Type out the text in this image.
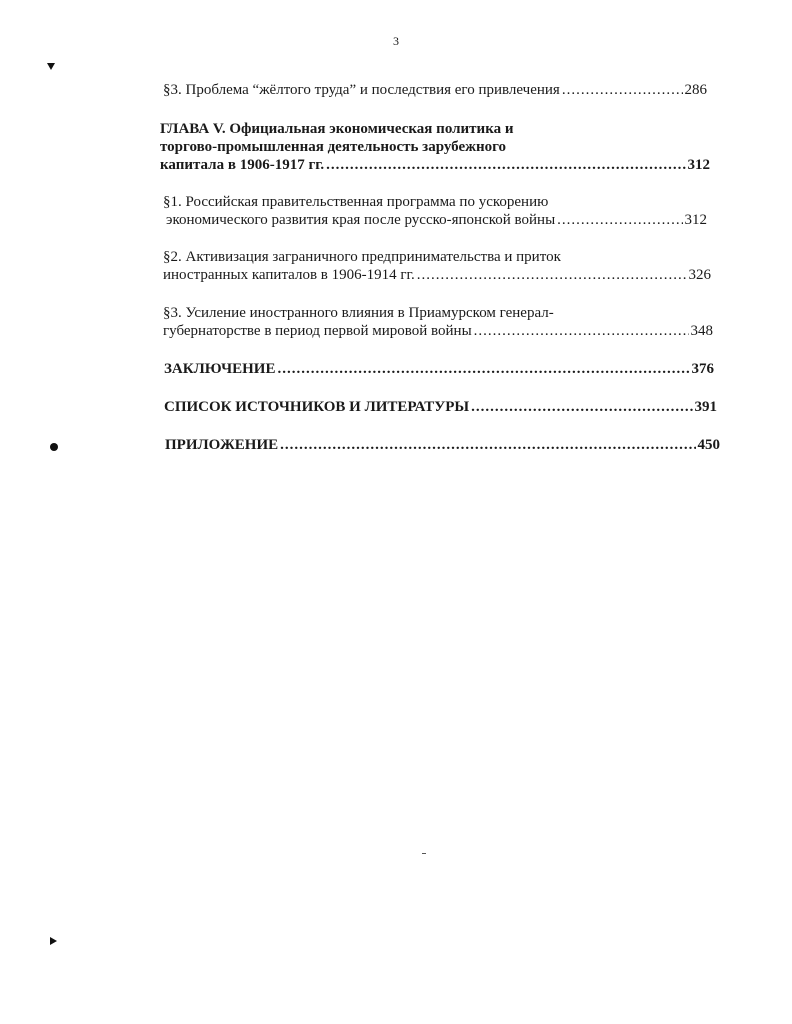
3
§3. Проблема “жёлтого труда” и последствия его привлечения .....	286
ГЛАВА V. Официальная экономическая политика и
торгово-промышленная деятельность зарубежного
капитала в 1906-1917 гг. .....	312
§1. Российская правительственная программа по ускорению
экономического развития края после русско-японской войны .....	312
§2. Активизация заграничного предпринимательства и приток
иностранных капиталов в 1906-1914 гг. .....	326
§3. Усиление иностранного влияния в Приамурском генерал-
губернаторстве в период первой мировой войны .....	348
ЗАКЛЮЧЕНИЕ .....	376
СПИСОК ИСТОЧНИКОВ И ЛИТЕРАТУРЫ .....	391
ПРИЛОЖЕНИЕ .....	450
